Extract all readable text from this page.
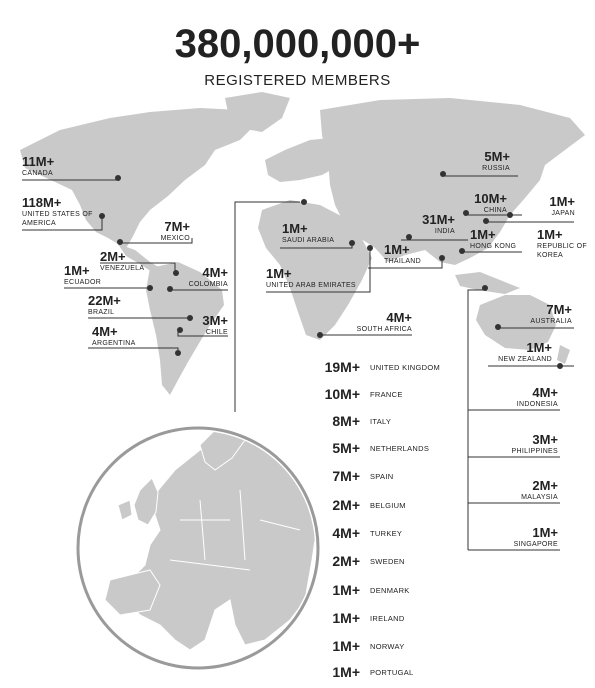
380,000,000+
REGISTERED MEMBERS
11M+
CANADA
118M+
UNITED STATES OF AMERICA	7M+
MEXICO
2M+
VENEZUELA
1M+
ECUADOR
4M+
COLOMBIA
22M+
BRAZIL
3M+
CHILE
4M+
ARGENTINA
5M+
RUSSIA
10M+
CHINA
1M+
JAPAN
1M+
REPUBLIC OF KOREA
31M+
INDIA 1M+
HONG KONG
1M+
THAILAND
1M+
SAUDI ARABIA
1M+
UNITED ARAB EMIRATES
4M+
SOUTH AFRICA
7M+
AUSTRALIA
1M+
NEW ZEALAND
4M+
INDONESIA
3M+
PHILIPPINES
2M+
MALAYSIA
1M+
SINGAPORE
19M+ UNITED KINGDOM
10M+ FRANCE
8M+ ITALY
5M+ NETHERLANDS
7M+ SPAIN
2M+ BELGIUM
4M+ TURKEY
2M+ SWEDEN
1M+ DENMARK
1M+ IRELAND
1M+ NORWAY
1M+ PORTUGAL
